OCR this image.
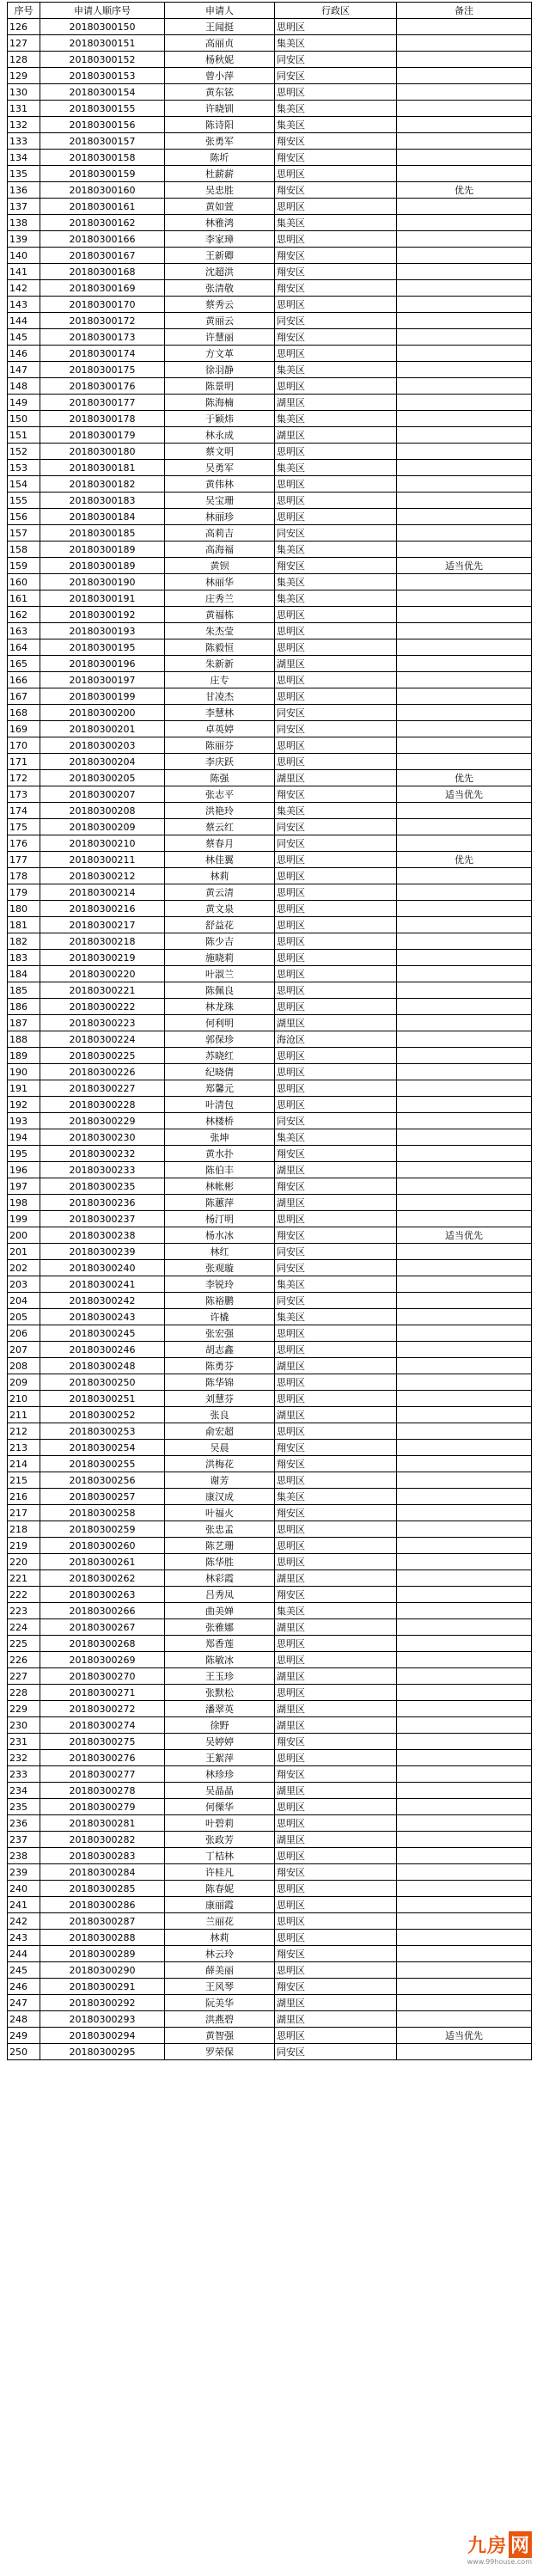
序号	申请人顺序号	申请人	行政区	备注
126	20180300150	王闻挺	思明区	
127	20180300151	高丽贞	集美区	
128	20180300152	杨秋妮	同安区	
129	20180300153	曾小萍	同安区	
130	20180300154	黄东铉	思明区	
131	20180300155	许晓钏	集美区	
132	20180300156	陈诗阳	集美区	
133	20180300157	张勇军	翔安区	
134	20180300158	陈圻	翔安区	
135	20180300159	杜薪薪	思明区	
136	20180300160	吴忠胜	翔安区	优先
137	20180300161	黄如萱	思明区	
138	20180300162	林雅鸿	集美区	
139	20180300166	李家璋	思明区	
140	20180300167	王新卿	翔安区	
141	20180300168	沈超洪	翔安区	
142	20180300169	张清敬	翔安区	
143	20180300170	蔡秀云	思明区	
144	20180300172	黄丽云	同安区	
145	20180300173	许慧丽	翔安区	
146	20180300174	方文革	思明区	
147	20180300175	徐羽静	集美区	
148	20180300176	陈景明	思明区	
149	20180300177	陈海楠	湖里区	
150	20180300178	于颖炜	集美区	
151	20180300179	林永成	湖里区	
152	20180300180	蔡文明	思明区	
153	20180300181	吴勇军	集美区	
154	20180300182	黄伟林	思明区	
155	20180300183	吴宝珊	思明区	
156	20180300184	林丽珍	思明区	
157	20180300185	高莉吉	同安区	
158	20180300189	高海福	集美区	
159	20180300189	黄钡	翔安区	适当优先
160	20180300190	林丽华	集美区	
161	20180300191	庄秀兰	集美区	
162	20180300192	黄福栋	思明区	
163	20180300193	朱杰莹	思明区	
164	20180300195	陈毅恒	思明区	
165	20180300196	朱新新	湖里区	
166	20180300197	庄专	思明区	
167	20180300199	甘凌杰	思明区	
168	20180300200	李慧林	同安区	
169	20180300201	卓英婷	同安区	
170	20180300203	陈丽芬	思明区	
171	20180300204	李庆跃	思明区	
172	20180300205	陈强	湖里区	优先
173	20180300207	张志平	翔安区	适当优先
174	20180300208	洪艳玲	集美区	
175	20180300209	蔡云红	同安区	
176	20180300210	蔡春月	同安区	
177	20180300211	林佳翼	思明区	优先
178	20180300212	林莉	思明区	
179	20180300214	黄云清	思明区	
180	20180300216	黄文泉	思明区	
181	20180300217	舒益花	思明区	
182	20180300218	陈少吉	思明区	
183	20180300219	施晓莉	思明区	
184	20180300220	叶淑兰	思明区	
185	20180300221	陈佩良	思明区	
186	20180300222	林龙珠	思明区	
187	20180300223	何利明	湖里区	
188	20180300224	郭保珍	海沧区	
189	20180300225	苏晓红	思明区	
190	20180300226	纪晓倩	思明区	
191	20180300227	郑馨元	思明区	
192	20180300228	叶清包	思明区	
193	20180300229	林楼桥	同安区	
194	20180300230	张坤	集美区	
195	20180300232	黄水扑	翔安区	
196	20180300233	陈伯丰	湖里区	
197	20180300235	林帐彬	翔安区	
198	20180300236	陈蕙萍	湖里区	
199	20180300237	杨汀明	思明区	
200	20180300238	杨水冰	翔安区	适当优先
201	20180300239	林红	同安区	
202	20180300240	张观璇	同安区	
203	20180300241	李锐玲	集美区	
204	20180300242	陈裕鹏	同安区	
205	20180300243	许橇	集美区	
206	20180300245	张宏强	思明区	
207	20180300246	胡志鑫	思明区	
208	20180300248	陈勇芬	湖里区	
209	20180300250	陈华锦	思明区	
210	20180300251	刘慧芬	思明区	
211	20180300252	张良	湖里区	
212	20180300253	俞宏超	思明区	
213	20180300254	吴晨	翔安区	
214	20180300255	洪梅花	翔安区	
215	20180300256	谢芳	思明区	
216	20180300257	康汉成	集美区	
217	20180300258	叶福火	翔安区	
218	20180300259	张忠孟	思明区	
219	20180300260	陈艺珊	思明区	
220	20180300261	陈华胜	思明区	
221	20180300262	林彩霞	湖里区	
222	20180300263	吕秀凤	翔安区	
223	20180300266	曲美婵	集美区	
224	20180300267	张雅娜	湖里区	
225	20180300268	郑香莲	思明区	
226	20180300269	陈敏冰	思明区	
227	20180300270	王玉珍	湖里区	
228	20180300271	张默松	思明区	
229	20180300272	潘翠英	湖里区	
230	20180300274	徐野	湖里区	
231	20180300275	吴婷婷	翔安区	
232	20180300276	王絮萍	思明区	
233	20180300277	林珍珍	翔安区	
234	20180300278	吴晶晶	湖里区	
235	20180300279	何傈华	思明区	
236	20180300281	叶碧莉	思明区	
237	20180300282	张政芳	湖里区	
238	20180300283	丁桔林	思明区	
239	20180300284	许桂凡	翔安区	
240	20180300285	陈春妮	思明区	
241	20180300286	康丽霞	思明区	
242	20180300287	兰丽花	思明区	
243	20180300288	林莉	思明区	
244	20180300289	林云玲	翔安区	
245	20180300290	薛美丽	思明区	
246	20180300291	王风琴	翔安区	
247	20180300292	阮美华	湖里区	
248	20180300293	洪燕碧	湖里区	
249	20180300294	黄智强	思明区	适当优先
250	20180300295	罗荣保	同安区	
九房 网
www.99house.com
